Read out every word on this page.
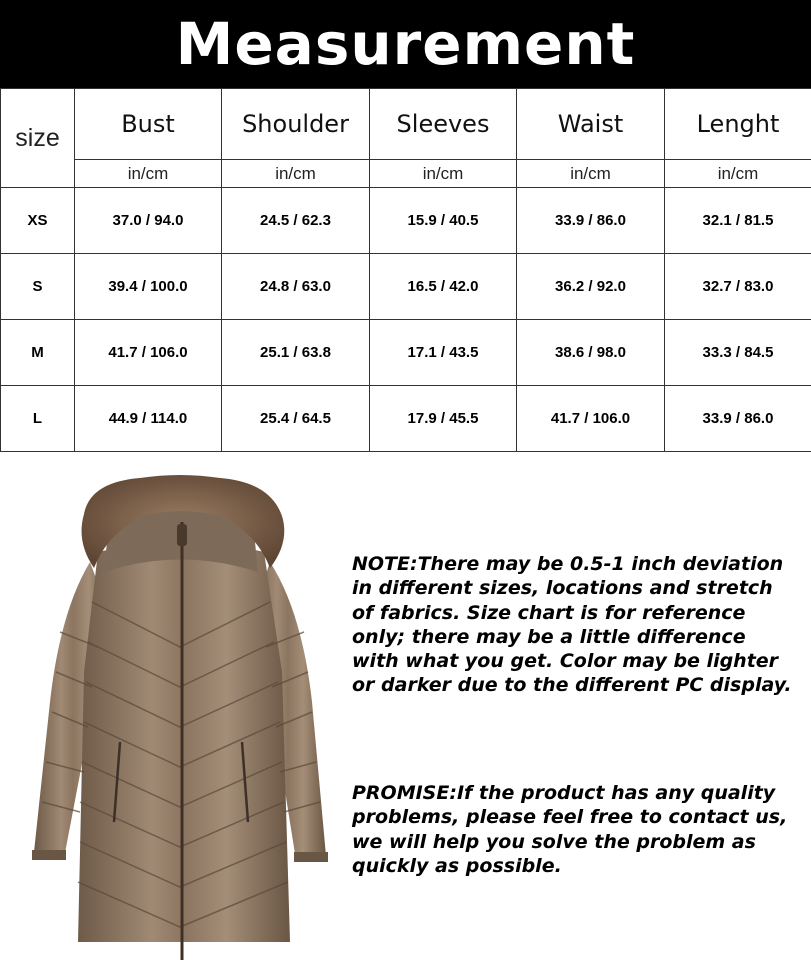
Measurement
size	Bust	Shoulder	Sleeves	Waist	Lenght
	in/cm	in/cm	in/cm	in/cm	in/cm
XS	37.0 / 94.0	24.5 / 62.3	15.9 / 40.5	33.9 / 86.0	32.1 / 81.5
S	39.4 / 100.0	24.8 / 63.0	16.5 / 42.0	36.2 / 92.0	32.7 / 83.0
M	41.7 / 106.0	25.1 / 63.8	17.1 / 43.5	38.6 / 98.0	33.3 / 84.5
L	44.9 / 114.0	25.4 / 64.5	17.9 / 45.5	41.7 / 106.0	33.9 / 86.0
NOTE:There may be 0.5-1 inch deviation in different sizes, locations and stretch of fabrics. Size chart is for reference only; there may be a little difference with what you get. Color may be lighter or darker due to the different PC display.
PROMISE:If the product has any quality problems, please feel free to contact us, we will help you solve the problem as quickly as possible.
